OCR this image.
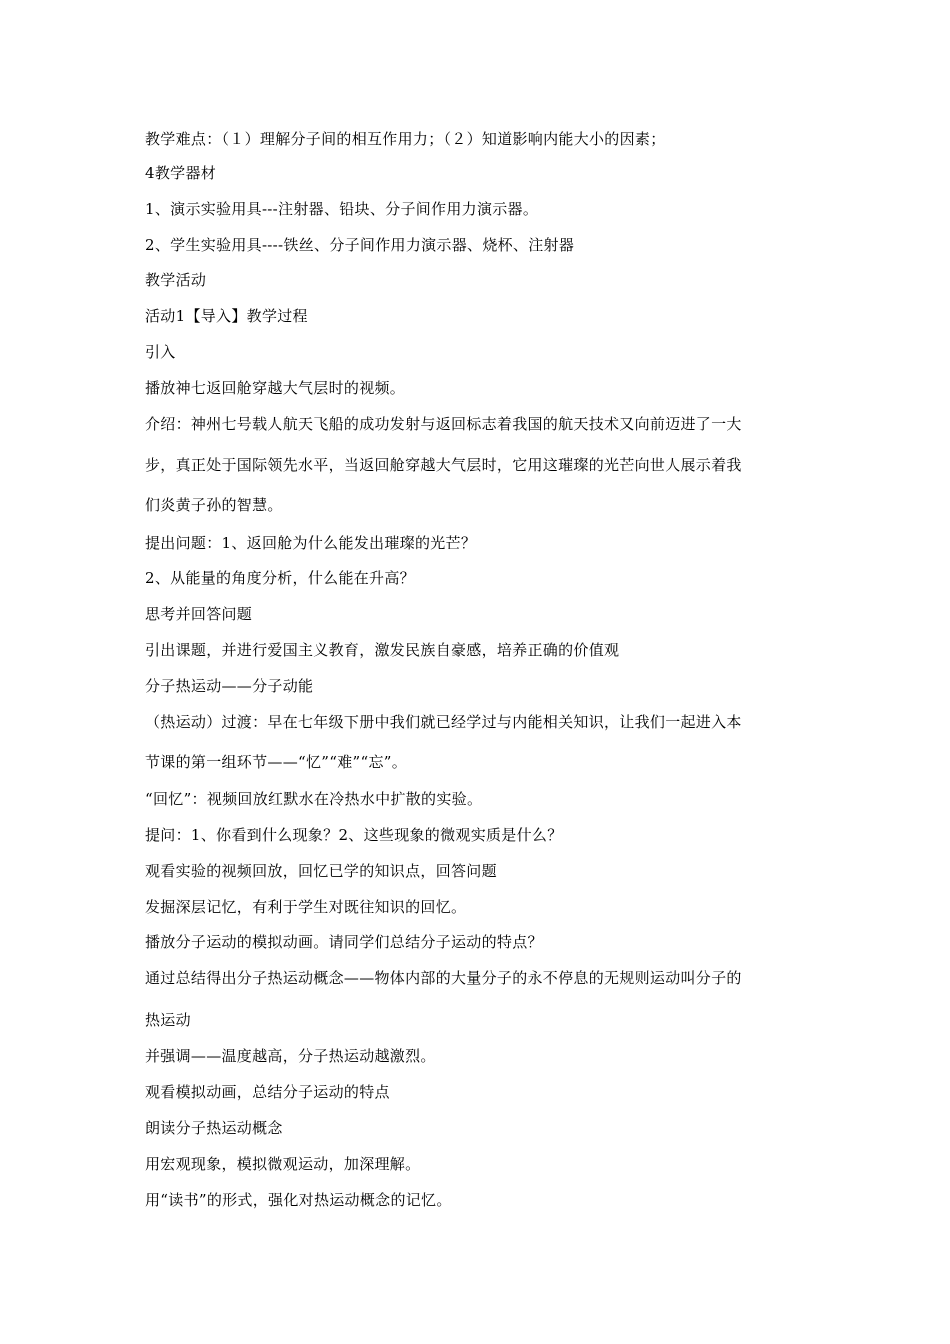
教学难点：（１）理解分子间的相互作用力；（２）知道影响内能大小的因素；
4教学器材
1、演示实验用具---注射器、铅块、分子间作用力演示器。
2、学生实验用具----铁丝、分子间作用力演示器、烧杯、注射器
教学活动
活动1【导入】教学过程
引入
播放神七返回舱穿越大气层时的视频。
介绍：神州七号载人航天飞船的成功发射与返回标志着我国的航天技术又向前迈进了一大
步，真正处于国际领先水平，当返回舱穿越大气层时，它用这璀璨的光芒向世人展示着我
们炎黄子孙的智慧。
提出问题：1、返回舱为什么能发出璀璨的光芒？
2、从能量的角度分析，什么能在升高？
思考并回答问题
引出课题，并进行爱国主义教育，激发民族自豪感，培养正确的价值观
分子热运动——分子动能
（热运动）过渡：早在七年级下册中我们就已经学过与内能相关知识，让我们一起进入本
节课的第一组环节——“忆”“难”“忘”。
“回忆”：视频回放红默水在冷热水中扩散的实验。
提问：1、你看到什么现象？2、这些现象的微观实质是什么？
观看实验的视频回放，回忆已学的知识点，回答问题
发掘深层记忆，有利于学生对既往知识的回忆。
播放分子运动的模拟动画。请同学们总结分子运动的特点？
通过总结得出分子热运动概念——物体内部的大量分子的永不停息的无规则运动叫分子的
热运动
并强调——温度越高，分子热运动越激烈。
观看模拟动画，总结分子运动的特点
朗读分子热运动概念
用宏观现象，模拟微观运动，加深理解。
用“读书”的形式，强化对热运动概念的记忆。
